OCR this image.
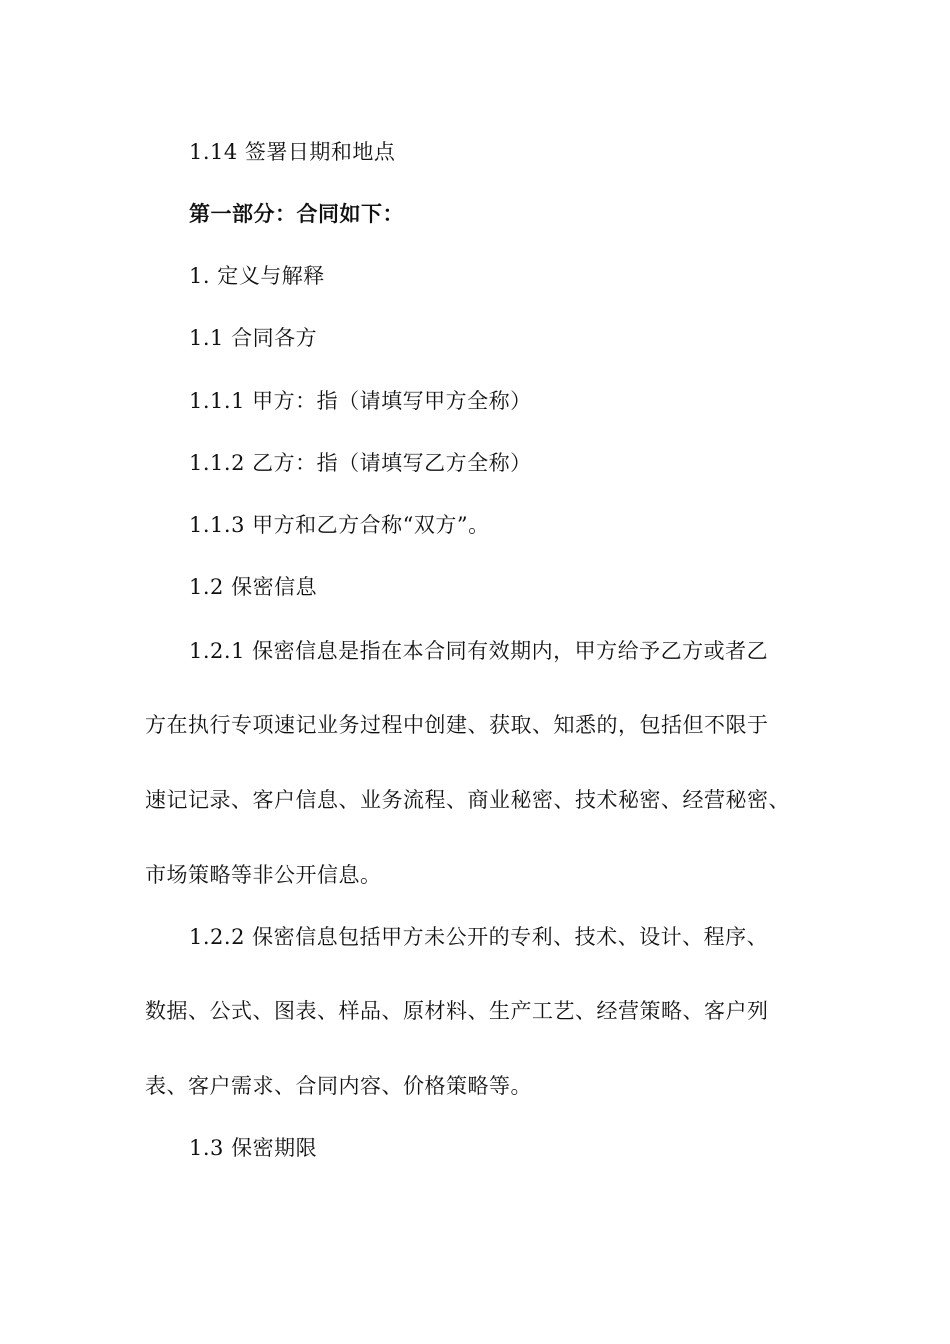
1.14 签署日期和地点
第一部分：合同如下：
1. 定义与解释
1.1 合同各方
1.1.1 甲方：指（请填写甲方全称）
1.1.2 乙方：指（请填写乙方全称）
1.1.3 甲方和乙方合称“双方”。
1.2 保密信息
1.2.1 保密信息是指在本合同有效期内，甲方给予乙方或者乙
方在执行专项速记业务过程中创建、获取、知悉的，包括但不限于
速记记录、客户信息、业务流程、商业秘密、技术秘密、经营秘密、
市场策略等非公开信息。
1.2.2 保密信息包括甲方未公开的专利、技术、设计、程序、
数据、公式、图表、样品、原材料、生产工艺、经营策略、客户列
表、客户需求、合同内容、价格策略等。
1.3 保密期限
